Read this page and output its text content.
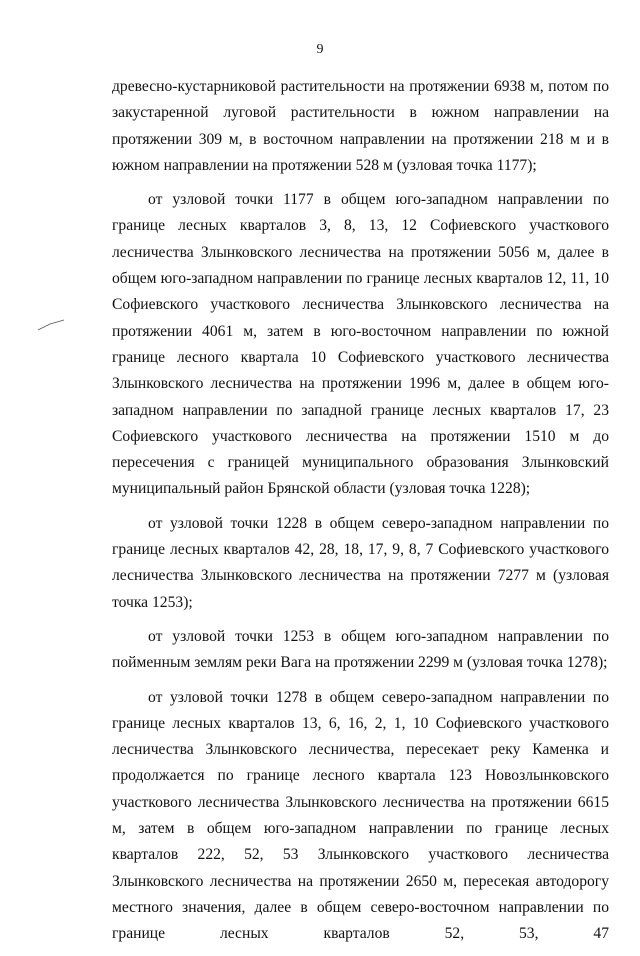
9

древесно-кустарниковой растительности на протяжении 6938 м, потом по закустаренной луговой растительности в южном направлении на протяжении 309 м, в восточном направлении на протяжении 218 м и в южном направлении на протяжении 528 м (узловая точка 1177);

от узловой точки 1177 в общем юго-западном направлении по границе лесных кварталов 3, 8, 13, 12 Софиевского участкового лесничества Злынковского лесничества на протяжении 5056 м, далее в общем юго-западном направлении по границе лесных кварталов 12, 11, 10 Софиевского участкового лесничества Злынковского лесничества на протяжении 4061 м, затем в юго-восточном направлении по южной границе лесного квартала 10 Софиевского участкового лесничества Злынковского лесничества на протяжении 1996 м, далее в общем юго-западном направлении по западной границе лесных кварталов 17, 23 Софиевского участкового лесничества на протяжении 1510 м до пересечения с границей муниципального образования Злынковский муниципальный район Брянской области (узловая точка 1228);

от узловой точки 1228 в общем северо-западном направлении по границе лесных кварталов 42, 28, 18, 17, 9, 8, 7 Софиевского участкового лесничества Злынковского лесничества на протяжении 7277 м (узловая точка 1253);

от узловой точки 1253 в общем юго-западном направлении по пойменным землям реки Вага на протяжении 2299 м (узловая точка 1278);

от узловой точки 1278 в общем северо-западном направлении по границе лесных кварталов 13, 6, 16, 2, 1, 10 Софиевского участкового лесничества Злынковского лесничества, пересекает реку Каменка и продолжается по границе лесного квартала 123 Новозлынковского участкового лесничества Злынковского лесничества на протяжении 6615 м, затем в общем юго-западном направлении по границе лесных кварталов 222, 52, 53 Злынковского участкового лесничества Злынковского лесничества на протяжении 2650 м, пересекая автодорогу местного значения, далее в общем северо-восточном направлении по границе лесных кварталов 52, 53, 47
